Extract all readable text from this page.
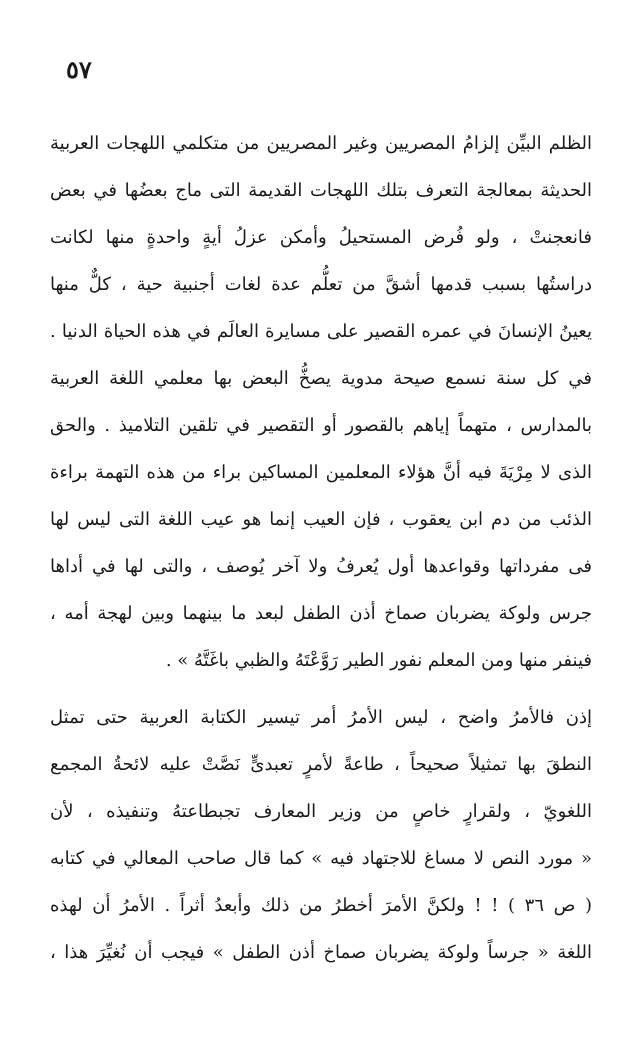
٥٧
الظلم البيِّن إلزامُ المصريين وغير المصريين من متكلمي اللهجات العربية
الحديثة بمعالجة التعرف بتلك اللهجات القديمة التى ماج بعضُها في بعض
فانعجنتْ ، ولو فُرض المستحيلُ وأمكن عزلُ أيةٍ واحدةٍ منها لكانت
دراستُها بسبب قدمها أشقَّ من تعلُّم عدة لغات أجنبية حية ، كلٌّ منها
يعينُ الإنسانَ في عمره القصير على مسايرة العالَم في هذه الحياة الدنيا .
في كل سنة نسمع صيحة مدوية يصخُّ البعض بها معلمي اللغة العربية
بالمدارس ، متهماً إياهم بالقصور أو التقصير في تلقين التلاميذ . والحق
الذى لا مِرْيَةَ فيه أنَّ هؤلاء المعلمين المساكين براء من هذه التهمة براءة
الذئب من دم ابن يعقوب ، فإن العيب إنما هو عيب اللغة التى ليس لها
فى مفرداتها وقواعدها أول يُعرفُ ولا آخر يُوصف ، والتى لها في أداها
جرس ولوكة يضربان صماخ أذن الطفل لبعد ما بينهما وبين لهجة أمه ،
فينفر منها ومن المعلم نفور الطير رَوَّعْتَهُ والظبي باغَتَّهُ » .
إذن فالأمرُ واضح ، ليس الأمرُ أمر تيسير الكتابة العربية حتى تمثل
النطقَ بها تمثيلاً صحيحاً ، طاعةً لأمرٍ تعبدىٍّ نَصَّتْ عليه لائحةُ المجمع
اللغويّ ، ولقرارٍ خاصٍ من وزير المعارف تجبطاعتهُ وتنفيذه ، لأن
« مورد النص لا مساغ للاجتهاد فيه » كما قال صاحب المعالي في كتابه
( ص ٣٦ ) ! ! ولكنَّ الأمرَ أخطرُ من ذلك وأبعدُ أثراً . الأمرُ أن لهذه
اللغة « جرساً ولوكة يضربان صماخ أذن الطفل » فيجب أن نُغيِّرَ هذا ،
